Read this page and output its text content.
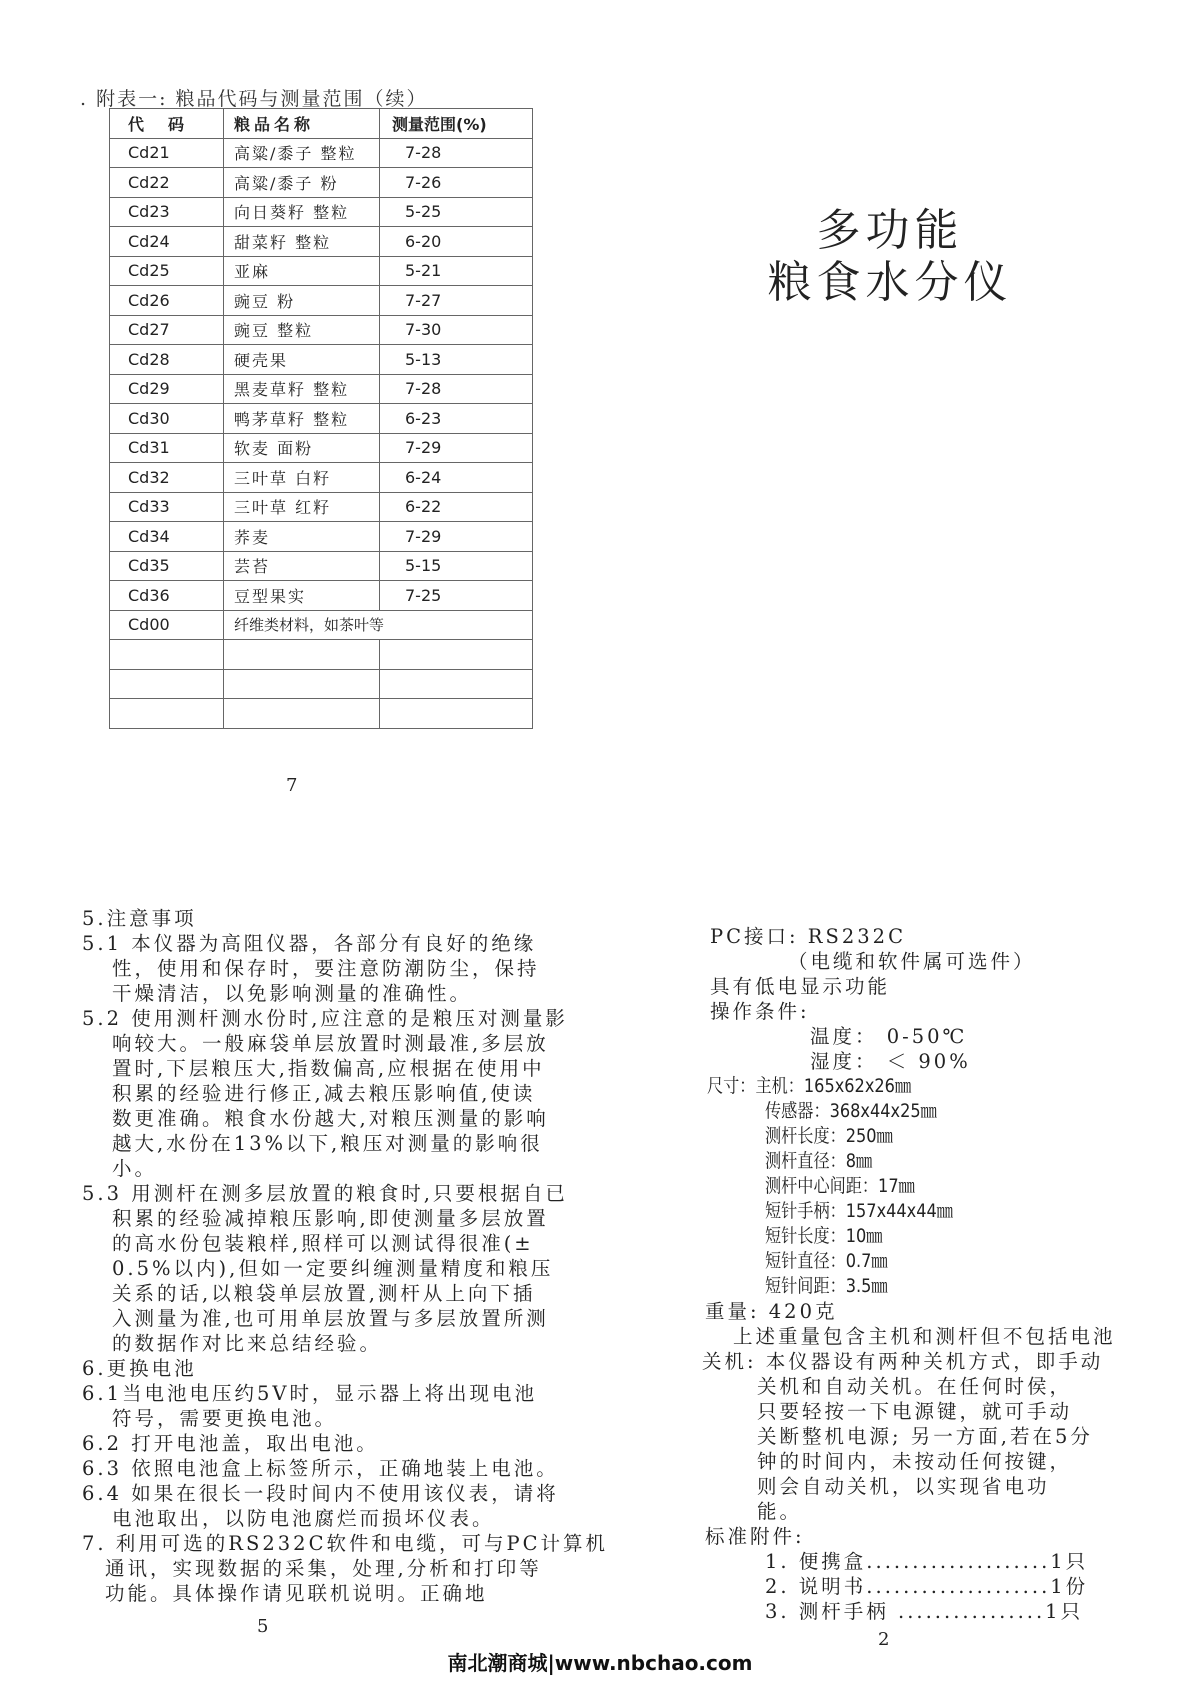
. 附表一: 粮品代码与测量范围（续）
代　码	粮品名称	测量范围(%)
Cd21	高粱/黍子 整粒	7-28
Cd22	高粱/黍子 粉	7-26
Cd23	向日葵籽 整粒	5-25
Cd24	甜菜籽 整粒	6-20
Cd25	亚麻	5-21
Cd26	豌豆 粉	7-27
Cd27	豌豆 整粒	7-30
Cd28	硬壳果	5-13
Cd29	黑麦草籽 整粒	7-28
Cd30	鸭茅草籽 整粒	6-23
Cd31	软麦 面粉	7-29
Cd32	三叶草 白籽	6-24
Cd33	三叶草 红籽	6-22
Cd34	荞麦	7-29
Cd35	芸苔	5-15
Cd36	豆型果实	7-25
Cd00	纤维类材料，如茶叶等	

多功能
粮食水分仪
7
5
2
5.注意事项
5.1 本仪器为高阻仪器，各部分有良好的绝缘
性，使用和保存时，要注意防潮防尘，保持
干燥清洁，以免影响测量的准确性。
5.2 使用测杆测水份时,应注意的是粮压对测量影
响较大。一般麻袋单层放置时测最准,多层放
置时,下层粮压大,指数偏高,应根据在使用中
积累的经验进行修正,减去粮压影响值,使读
数更准确。粮食水份越大,对粮压测量的影响
越大,水份在13%以下,粮压对测量的影响很
小。
5.3 用测杆在测多层放置的粮食时,只要根据自已
积累的经验减掉粮压影响,即使测量多层放置
的高水份包装粮样,照样可以测试得很准(±
0.5%以内),但如一定要纠缠测量精度和粮压
关系的话,以粮袋单层放置,测杆从上向下插
入测量为准,也可用单层放置与多层放置所测
的数据作对比来总结经验。
6.更换电池
6.1当电池电压约5V时，显示器上将出现电池
符号，需要更换电池。
6.2 打开电池盖，取出电池。
6.3 依照电池盒上标签所示，正确地装上电池。
6.4 如果在很长一段时间内不使用该仪表，请将
电池取出，以防电池腐烂而损坏仪表。
7. 利用可选的RS232C软件和电缆，可与PC计算机
通讯，实现数据的采集，处理,分析和打印等
功能。具体操作请见联机说明。正确地
PC接口: RS232C
（电缆和软件属可选件）
具有低电显示功能
操作条件:
温度： 0-50℃
湿度： ＜ 90%
尺寸：主机：165x62x26㎜
传感器：368x44x25㎜
测杆长度：250㎜
测杆直径：8㎜
测杆中心间距：17㎜
短针手柄：157x44x44㎜
短针长度：10㎜
短针直径：0.7㎜
短针间距：3.5㎜
重量: 420克
上述重量包含主机和测杆但不包括电池
关机: 本仪器设有两种关机方式，即手动
关机和自动关机。在任何时侯，
只要轻按一下电源键，就可手动
关断整机电源; 另一方面,若在5分
钟的时间内，未按动任何按键，
则会自动关机，以实现省电功
能。
标准附件:
1. 便携盒....................1只
2. 说明书....................1份
3. 测杆手柄 ................1只
南北潮商城|www.nbchao.com
